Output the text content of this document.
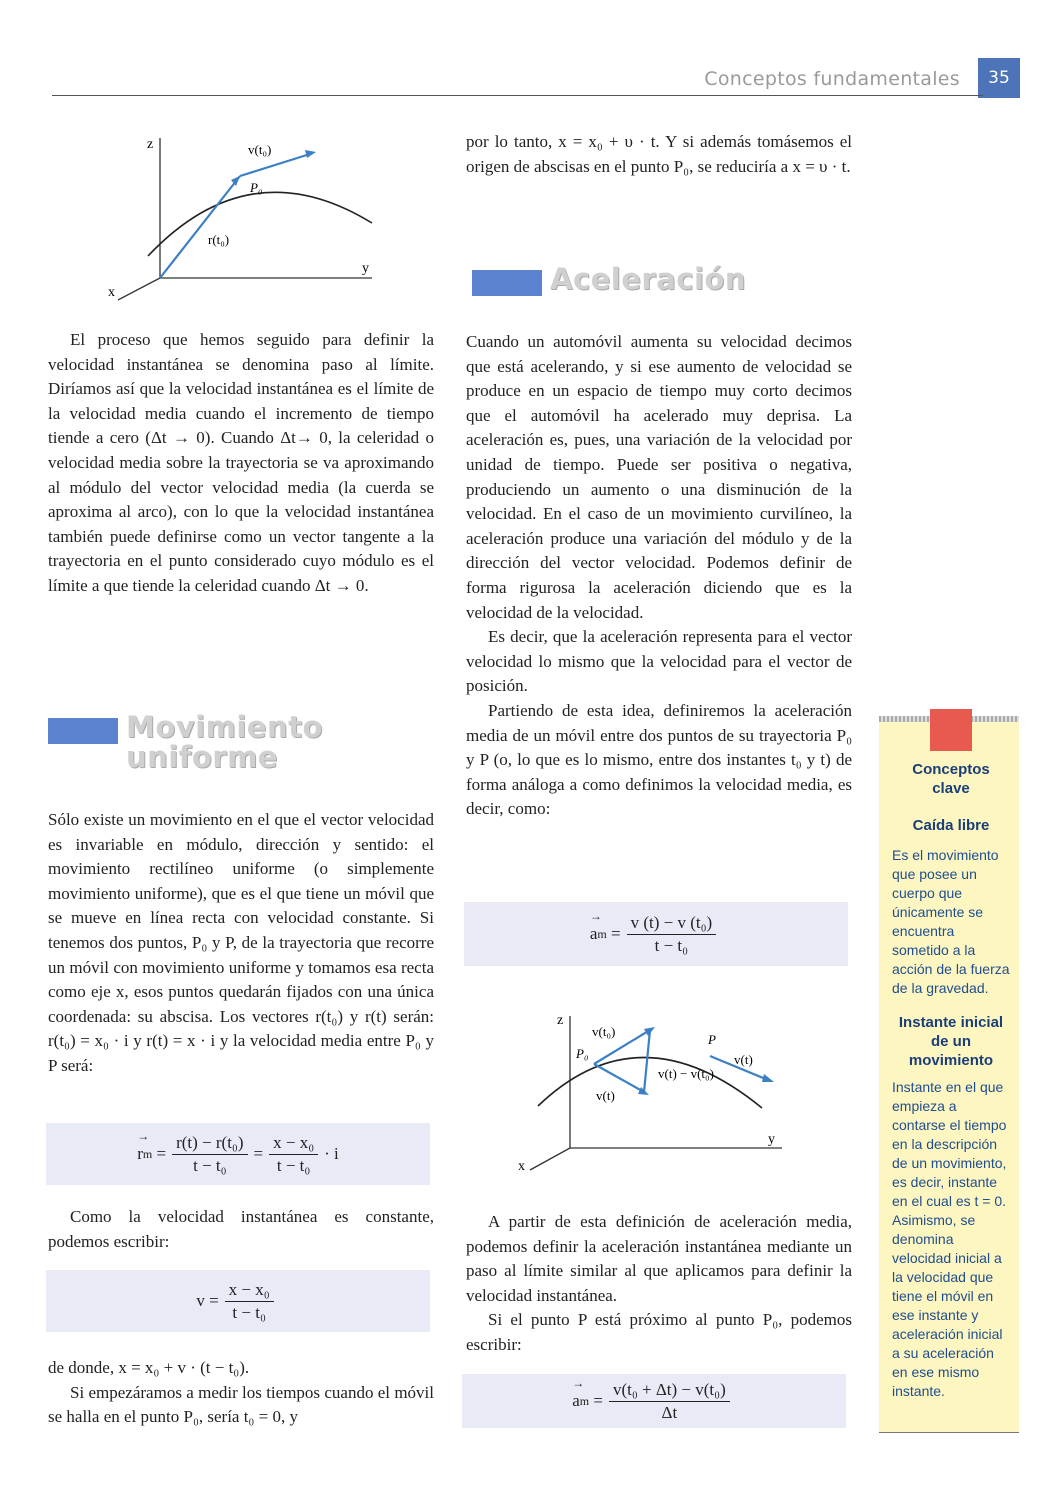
Conceptos fundamentales	35
z
y
x
v(t₀)
P₀
r(t₀)

El proceso que hemos seguido para definir la velocidad instantánea se denomina paso al límite. Diríamos así que la velocidad instantánea es el límite de la velocidad media cuando el incremento de tiempo tiende a cero (Δt → 0). Cuando Δt→ 0, la celeridad o velocidad media sobre la trayectoria se va aproximando al módulo del vector velocidad media (la cuerda se aproxima al arco), con lo que la velocidad instantánea también puede definirse como un vector tangente a la trayectoria en el punto considerado cuyo módulo es el límite a que tiende la celeridad cuando Δt → 0.

Movimiento uniforme

Sólo existe un movimiento en el que el vector velocidad es invariable en módulo, dirección y sentido: el movimiento rectilíneo uniforme (o simplemente movimiento uniforme), que es el que tiene un móvil que se mueve en línea recta con velocidad constante. Si tenemos dos puntos, P₀ y P, de la trayectoria que recorre un móvil con movimiento uniforme y tomamos esa recta como eje x, esos puntos quedarán fijados con una única coordenada: su abscisa. Los vectores r(t₀) y r(t) serán: r(t₀) = x₀ · i y r(t) = x · i y la velocidad media entre P₀ y P será:

→ r $m = \frac{\text{r(t) − r(t₀)}}{\text{t − t₀}} = \frac{\text{x − x₀}}{\text{t − t₀}} \cdot i$

Como la velocidad instantánea es constante, podemos escribir:

$v = \frac{\text{x − x₀}}{\text{t − t₀}}$

de donde, x = x₀ + v · (t − t₀).

Si empezáramos a medir los tiempos cuando el móvil se halla en el punto P₀, sería t₀ = 0, y

por lo tanto, x = x₀ + υ · t. Y si además tomásemos el origen de abscisas en el punto P₀, se reduciría a x = υ · t.

Aceleración

Cuando un automóvil aumenta su velocidad decimos que está acelerando, y si ese aumento de velocidad se produce en un espacio de tiempo muy corto decimos que el automóvil ha acelerado muy deprisa. La aceleración es, pues, una variación de la velocidad por unidad de tiempo. Puede ser positiva o negativa, produciendo un aumento o una disminución de la velocidad. En el caso de un movimiento curvilíneo, la aceleración produce una variación del módulo y de la dirección del vector velocidad. Podemos definir de forma rigurosa la aceleración diciendo que es la velocidad de la velocidad.

Es decir, que la aceleración representa para el vector velocidad lo mismo que la velocidad para el vector de posición.

Partiendo de esta idea, definiremos la aceleración media de un móvil entre dos puntos de su trayectoria P₀ y P (o, lo que es lo mismo, entre dos instantes t₀ y t) de forma análoga a como definimos la velocidad media, es decir, como:

→ a $m = \frac{\text{v (t) − v (t₀)}}{\text{t − t₀}}$
z
y
x
v(t₀)
P₀
P
v(t)
v(t) − v(t₀)
v(t)

A partir de esta definición de aceleración media, podemos definir la aceleración instantánea mediante un paso al límite similar al que aplicamos para definir la velocidad instantánea.

Si el punto P está próximo al punto P₀, podemos escribir:

→ a $m = \frac{\text{v(t₀ + Δt) − v(t₀)}}{\Delta t}$
Conceptos clave
Caída libre
Es el movimiento que posee un cuerpo que únicamente se encuentra sometido a la acción de la fuerza de la gravedad.
Instante inicial de un movimiento
Instante en el que empieza a contarse el tiempo en la descripción de un movimiento, es decir, instante en el cual es t = 0. Asimismo, se denomina velocidad inicial a la velocidad que tiene el móvil en ese instante y aceleración inicial a su aceleración en ese mismo instante.
